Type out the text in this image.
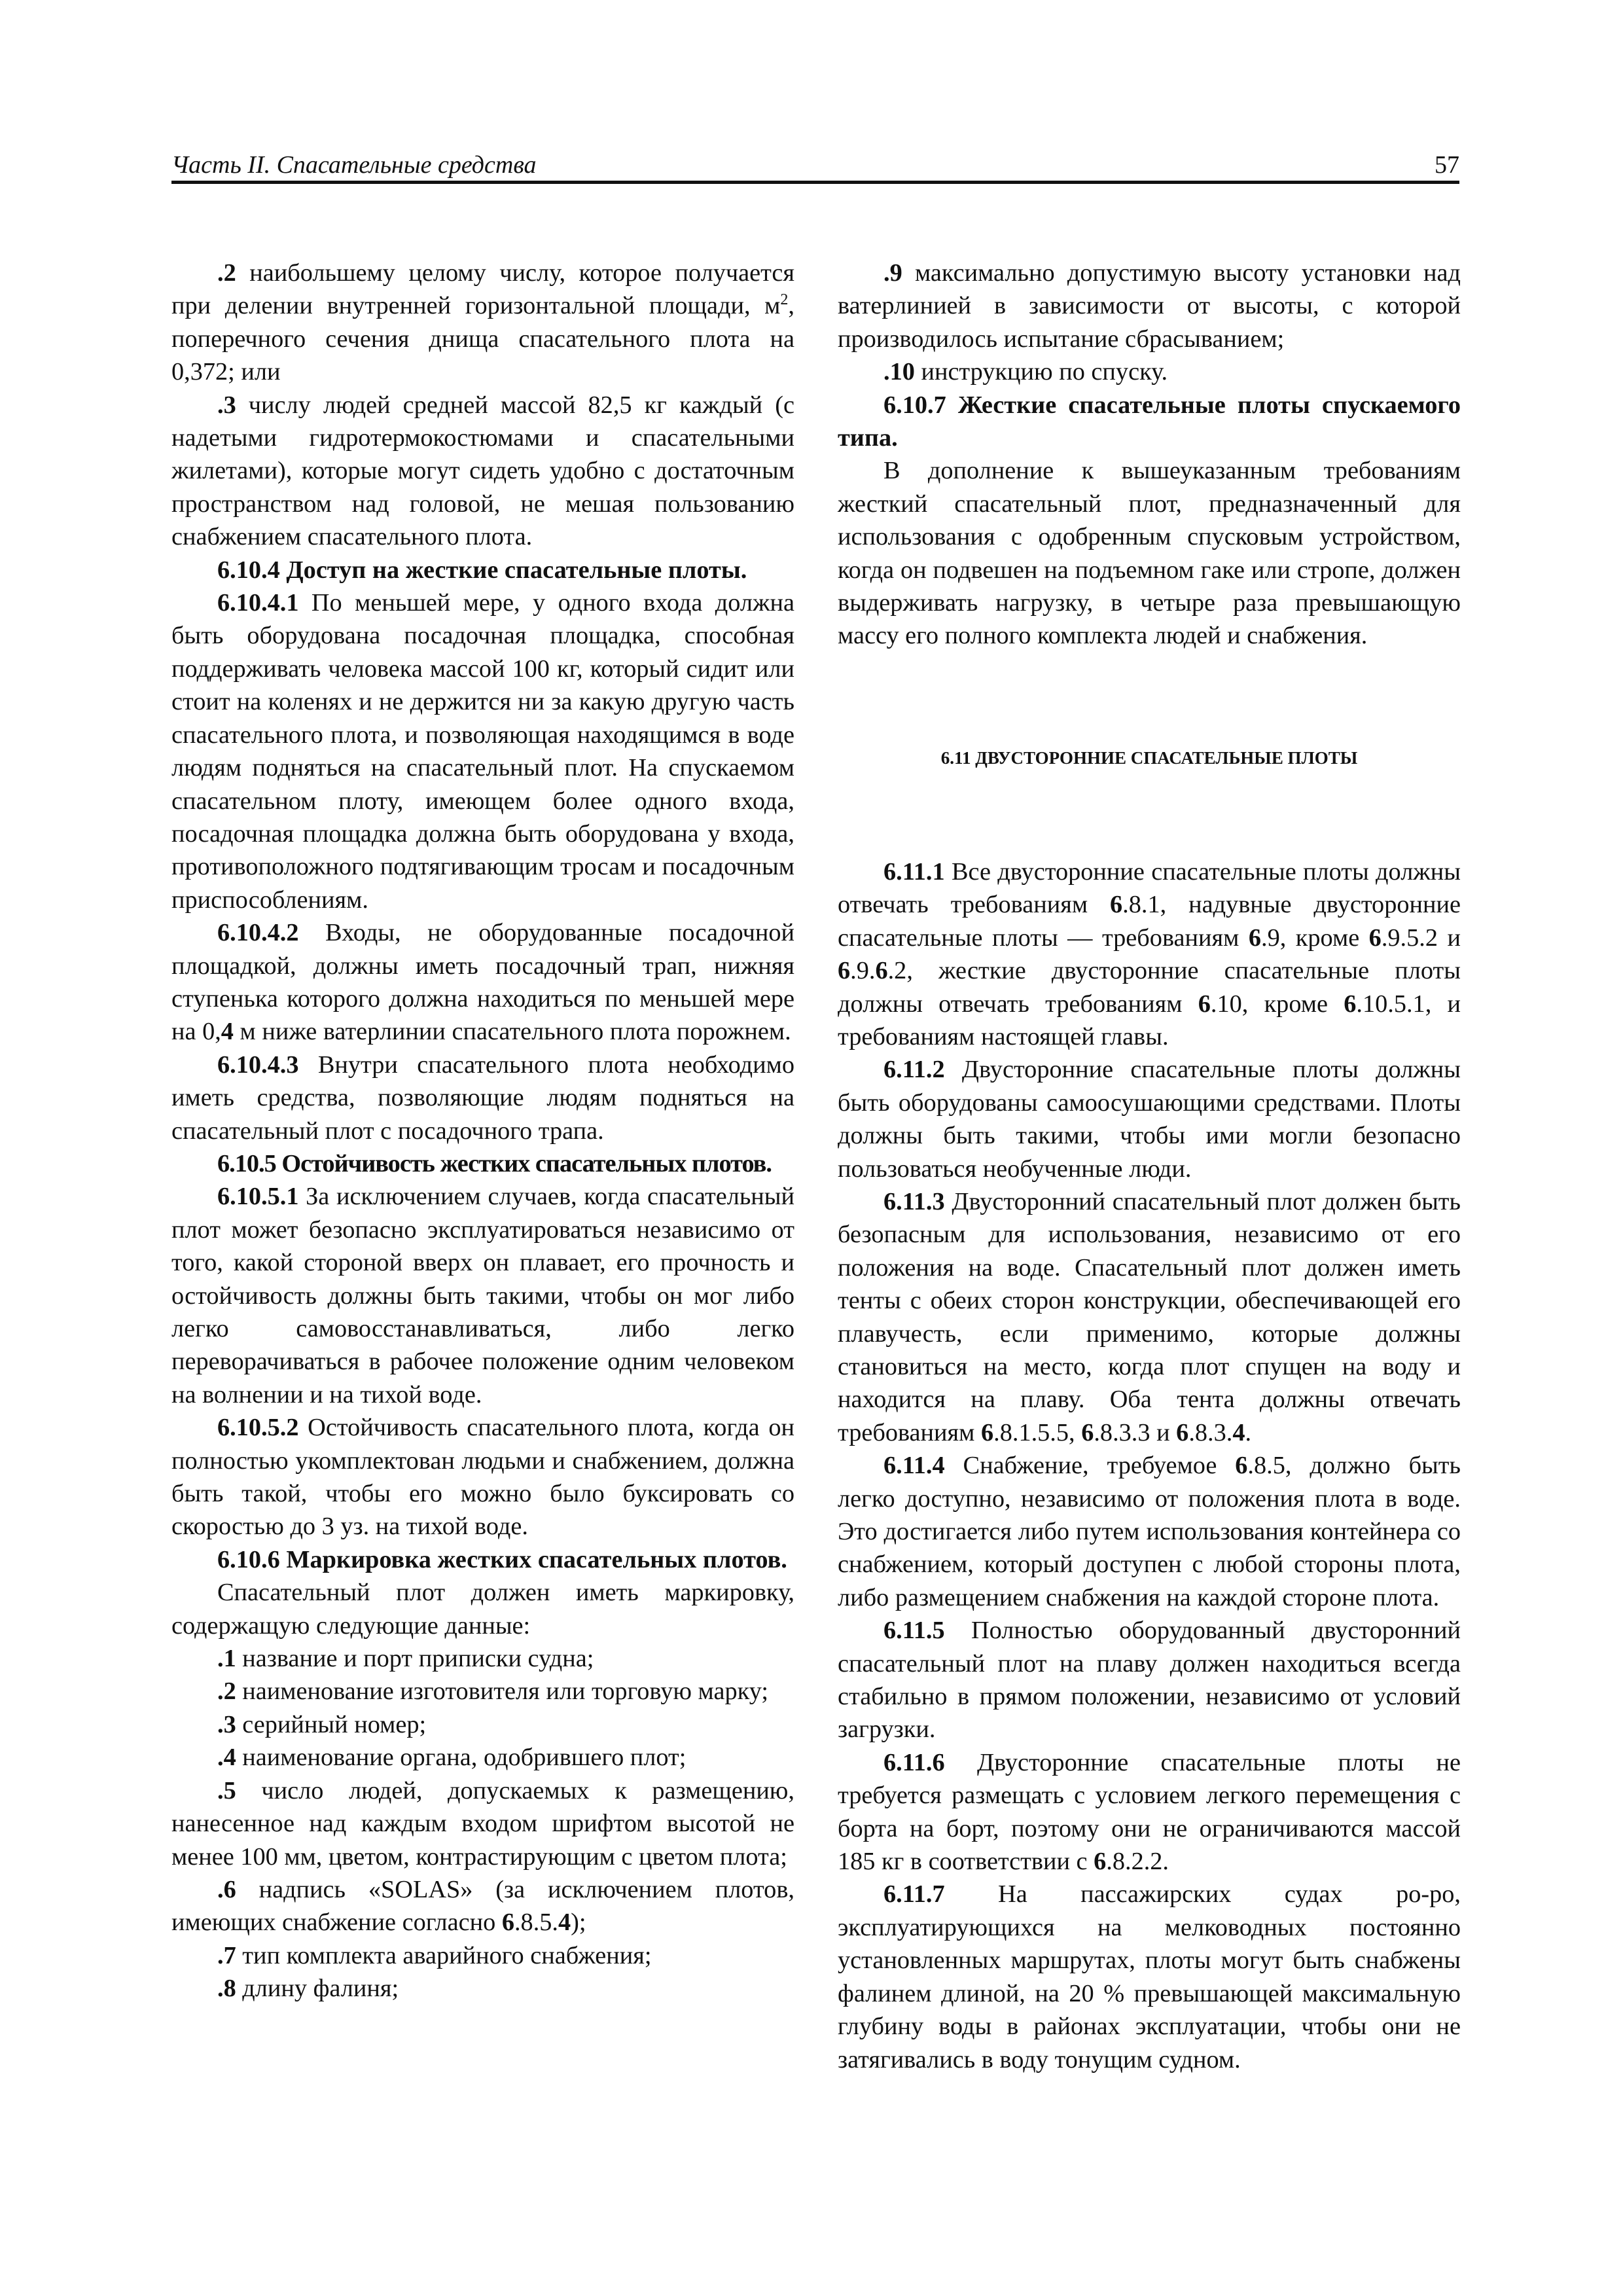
Часть II. Спасательные средства	57

.2 наибольшему целому числу, которое получается при делении внутренней горизонтальной площади, $м^2$, поперечного сечения днища спасательного плота на 0,372; или

.3 числу людей средней массой 82,5 кг каждый (с надетыми гидротермокостюмами и спасательными жилетами), которые могут сидеть удобно с достаточным пространством над головой, не мешая пользованию снабжением спасательного плота.

6.10.4 Доступ на жесткие спасательные плоты.

6.10.4.1 По меньшей мере, у одного входа должна быть оборудована посадочная площадка, способная поддерживать человека массой 100 кг, который сидит или стоит на коленях и не держится ни за какую другую часть спасательного плота, и позволяющая находящимся в воде людям подняться на спасательный плот. На спускаемом спасательном плоту, имеющем более одного входа, посадочная площадка должна быть оборудована у входа, противоположного подтягивающим тросам и посадочным приспособлениям.

6.10.4.2 Входы, не оборудованные посадочной площадкой, должны иметь посадочный трап, нижняя ступенька которого должна находиться по меньшей мере на 0,4 м ниже ватерлинии спасательного плота порожнем.

6.10.4.3 Внутри спасательного плота необходимо иметь средства, позволяющие людям подняться на спасательный плот с посадочного трапа.

6.10.5 Остойчивость жестких спасательных плотов.

6.10.5.1 За исключением случаев, когда спасательный плот может безопасно эксплуатироваться независимо от того, какой стороной вверх он плавает, его прочность и остойчивость должны быть такими, чтобы он мог либо легко самовосстанавливаться, либо легко переворачиваться в рабочее положение одним человеком на волнении и на тихой воде.

6.10.5.2 Остойчивость спасательного плота, когда он полностью укомплектован людьми и снабжением, должна быть такой, чтобы его можно было буксировать со скоростью до 3 уз. на тихой воде.

6.10.6 Маркировка жестких спасательных плотов.

Спасательный плот должен иметь маркировку, содержащую следующие данные:

.1 название и порт приписки судна;

.2 наименование изготовителя или торговую марку;

.3 серийный номер;

.4 наименование органа, одобрившего плот;

.5 число людей, допускаемых к размещению, нанесенное над каждым входом шрифтом высотой не менее 100 мм, цветом, контрастирующим с цветом плота;

.6 надпись «SOLAS» (за исключением плотов, имеющих снабжение согласно 6.8.5.4);

.7 тип комплекта аварийного снабжения;

.8 длину фалиня;

.9 максимально допустимую высоту установки над ватерлинией в зависимости от высоты, с которой производилось испытание сбрасыванием;

.10 инструкцию по спуску.

6.10.7 Жесткие спасательные плоты спускаемого типа.

В дополнение к вышеуказанным требованиям жесткий спасательный плот, предназначенный для использования с одобренным спусковым устройством, когда он подвешен на подъемном гаке или стропе, должен выдерживать нагрузку, в четыре раза превышающую массу его полного комплекта людей и снабжения.

6.11 ДВУСТОРОННИЕ СПАСАТЕЛЬНЫЕ ПЛОТЫ

6.11.1 Все двусторонние спасательные плоты должны отвечать требованиям 6.8.1, надувные двусторонние спасательные плоты — требованиям 6.9, кроме 6.9.5.2 и 6.9.6.2, жесткие двусторонние спасательные плоты должны отвечать требованиям 6.10, кроме 6.10.5.1, и требованиям настоящей главы.

6.11.2 Двусторонние спасательные плоты должны быть оборудованы самоосушающими средствами. Плоты должны быть такими, чтобы ими могли безопасно пользоваться необученные люди.

6.11.3 Двусторонний спасательный плот должен быть безопасным для использования, независимо от его положения на воде. Спасательный плот должен иметь тенты с обеих сторон конструкции, обеспечивающей его плавучесть, если применимо, которые должны становиться на место, когда плот спущен на воду и находится на плаву. Оба тента должны отвечать требованиям 6.8.1.5.5, 6.8.3.3 и 6.8.3.4.

6.11.4 Снабжение, требуемое 6.8.5, должно быть легко доступно, независимо от положения плота в воде. Это достигается либо путем использования контейнера со снабжением, который доступен с любой стороны плота, либо размещением снабжения на каждой стороне плота.

6.11.5 Полностью оборудованный двусторонний спасательный плот на плаву должен находиться всегда стабильно в прямом положении, независимо от условий загрузки.

6.11.6 Двусторонние спасательные плоты не требуется размещать с условием легкого перемещения с борта на борт, поэтому они не ограничиваются массой 185 кг в соответствии с 6.8.2.2.

6.11.7 На пассажирских судах ро-ро, эксплуатирующихся на мелководных постоянно установленных маршрутах, плоты могут быть снабжены фалинем длиной, на 20 % превышающей максимальную глубину воды в районах эксплуатации, чтобы они не затягивались в воду тонущим судном.
